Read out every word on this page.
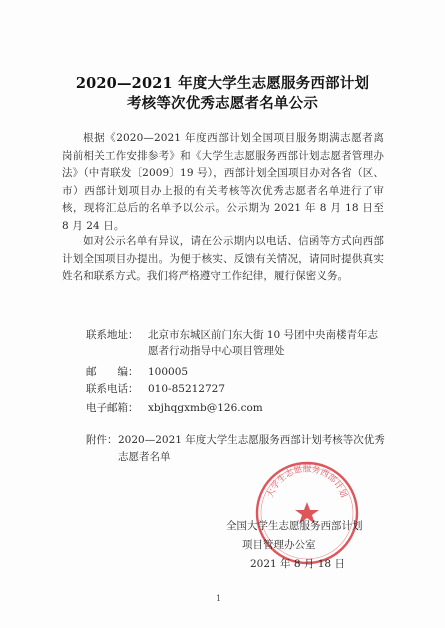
2020—2021 年度大学生志愿服务西部计划
考核等次优秀志愿者名单公示
根据《2020—2021 年度西部计划全国项目服务期满志愿者离岗前相关工作安排参考》和《大学生志愿服务西部计划志愿者管理办法》（中青联发〔2009〕19 号），西部计划全国项目办对各省（区、市）西部计划项目办上报的有关考核等次优秀志愿者名单进行了审核，现将汇总后的名单予以公示。公示期为 2021 年 8 月 18 日至 8 月 24 日。
如对公示名单有异议，请在公示期内以电话、信函等方式向西部计划全国项目办提出。为便于核实、反馈有关情况，请同时提供真实姓名和联系方式。我们将严格遵守工作纪律，履行保密义务。
联系地址： 北京市东城区前门东大街 10 号团中央南楼青年志愿者行动指导中心项目管理处
邮　　编： 100005
联系电话： 010-85212727
电子邮箱： xbjhqgxmb@126.com
附件： 2020—2021 年度大学生志愿服务西部计划考核等次优秀志愿者名单
大学生志愿服务西部计划
全国大学生志愿服务西部计划
项目管理办公室
2021 年 8 月 18 日
1
